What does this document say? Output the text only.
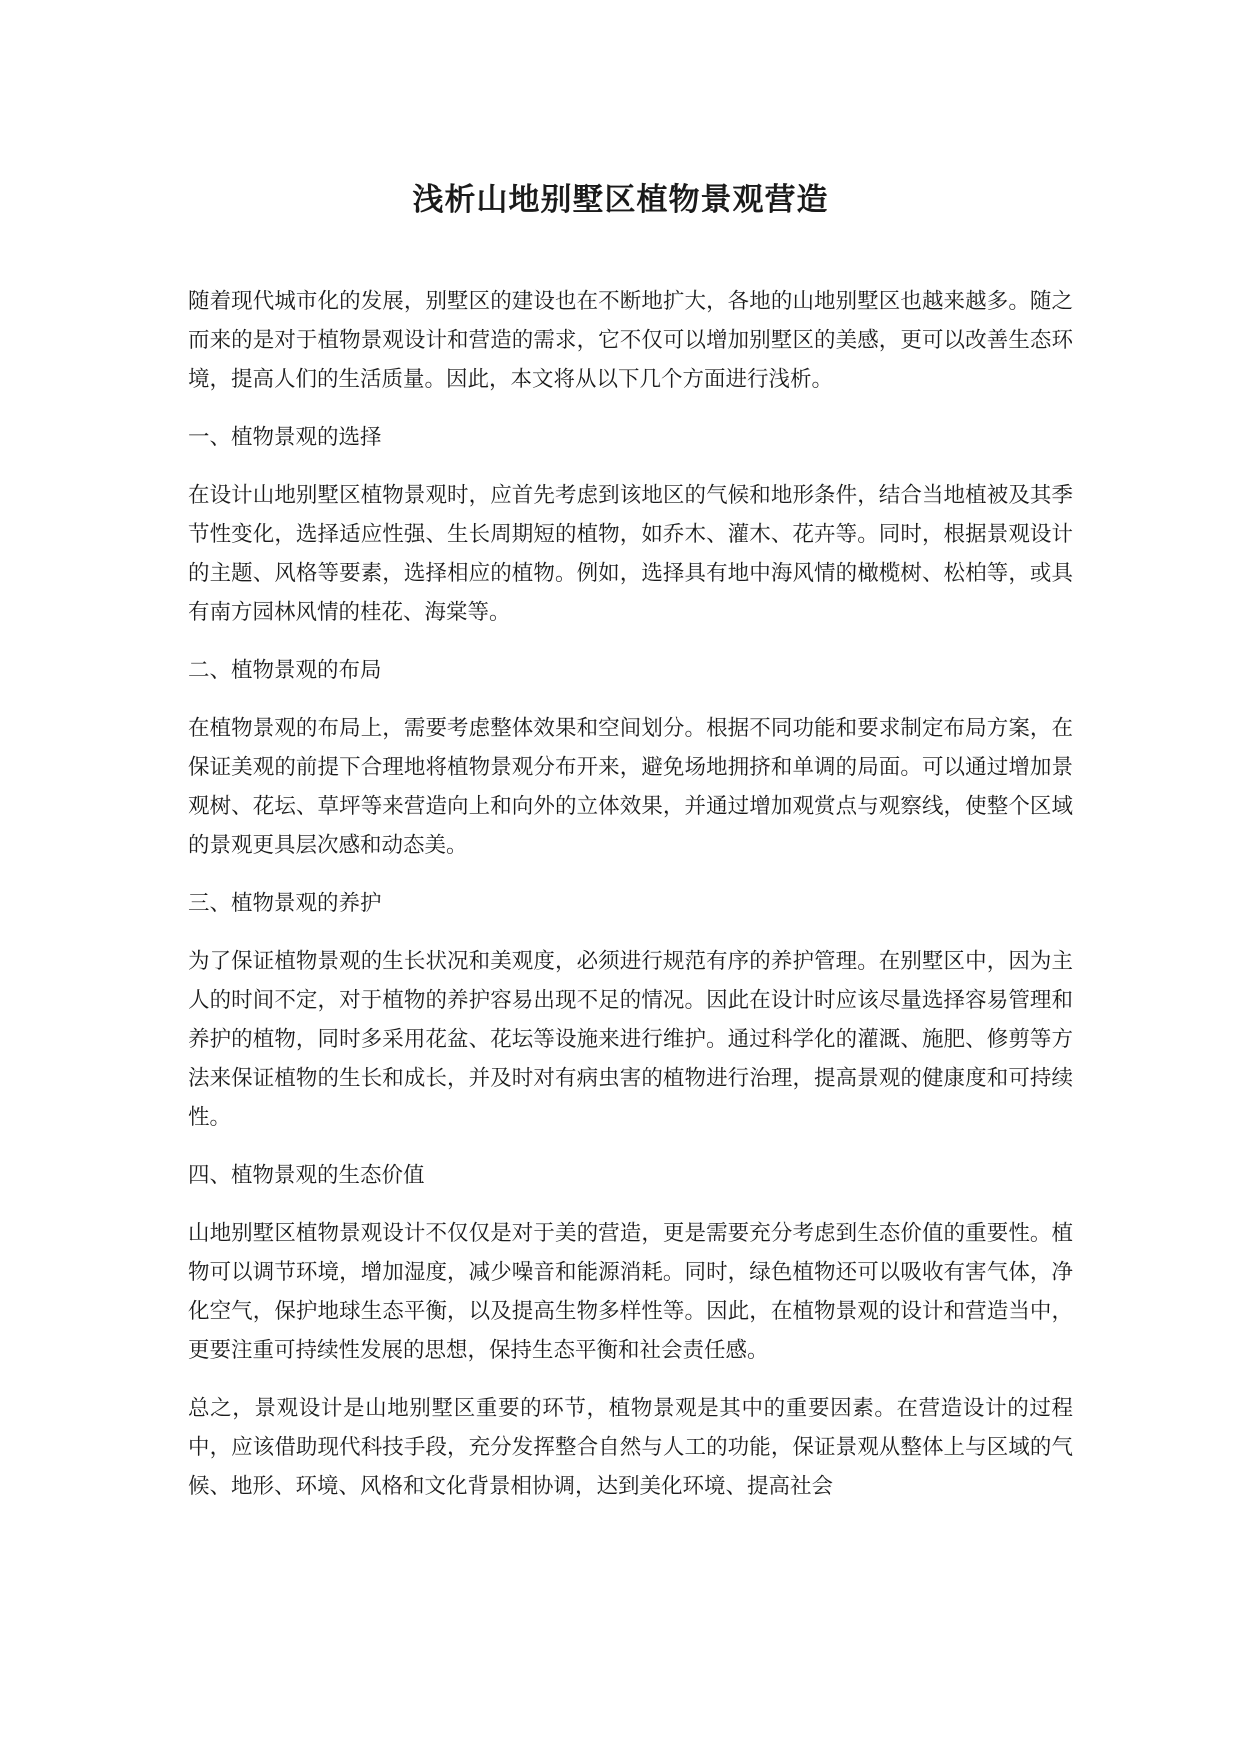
浅析山地别墅区植物景观营造

随着现代城市化的发展，别墅区的建设也在不断地扩大，各地的山地别墅区也越来越多。随之而来的是对于植物景观设计和营造的需求，它不仅可以增加别墅区的美感，更可以改善生态环境，提高人们的生活质量。因此，本文将从以下几个方面进行浅析。

一、植物景观的选择

在设计山地别墅区植物景观时，应首先考虑到该地区的气候和地形条件，结合当地植被及其季节性变化，选择适应性强、生长周期短的植物，如乔木、灌木、花卉等。同时，根据景观设计的主题、风格等要素，选择相应的植物。例如，选择具有地中海风情的橄榄树、松柏等，或具有南方园林风情的桂花、海棠等。

二、植物景观的布局

在植物景观的布局上，需要考虑整体效果和空间划分。根据不同功能和要求制定布局方案，在保证美观的前提下合理地将植物景观分布开来，避免场地拥挤和单调的局面。可以通过增加景观树、花坛、草坪等来营造向上和向外的立体效果，并通过增加观赏点与观察线，使整个区域的景观更具层次感和动态美。

三、植物景观的养护

为了保证植物景观的生长状况和美观度，必须进行规范有序的养护管理。在别墅区中，因为主人的时间不定，对于植物的养护容易出现不足的情况。因此在设计时应该尽量选择容易管理和养护的植物，同时多采用花盆、花坛等设施来进行维护。通过科学化的灌溉、施肥、修剪等方法来保证植物的生长和成长，并及时对有病虫害的植物进行治理，提高景观的健康度和可持续性。

四、植物景观的生态价值

山地别墅区植物景观设计不仅仅是对于美的营造，更是需要充分考虑到生态价值的重要性。植物可以调节环境，增加湿度，减少噪音和能源消耗。同时，绿色植物还可以吸收有害气体，净化空气，保护地球生态平衡，以及提高生物多样性等。因此，在植物景观的设计和营造当中，更要注重可持续性发展的思想，保持生态平衡和社会责任感。

总之，景观设计是山地别墅区重要的环节，植物景观是其中的重要因素。在营造设计的过程中，应该借助现代科技手段，充分发挥整合自然与人工的功能，保证景观从整体上与区域的气候、地形、环境、风格和文化背景相协调，达到美化环境、提高社会
